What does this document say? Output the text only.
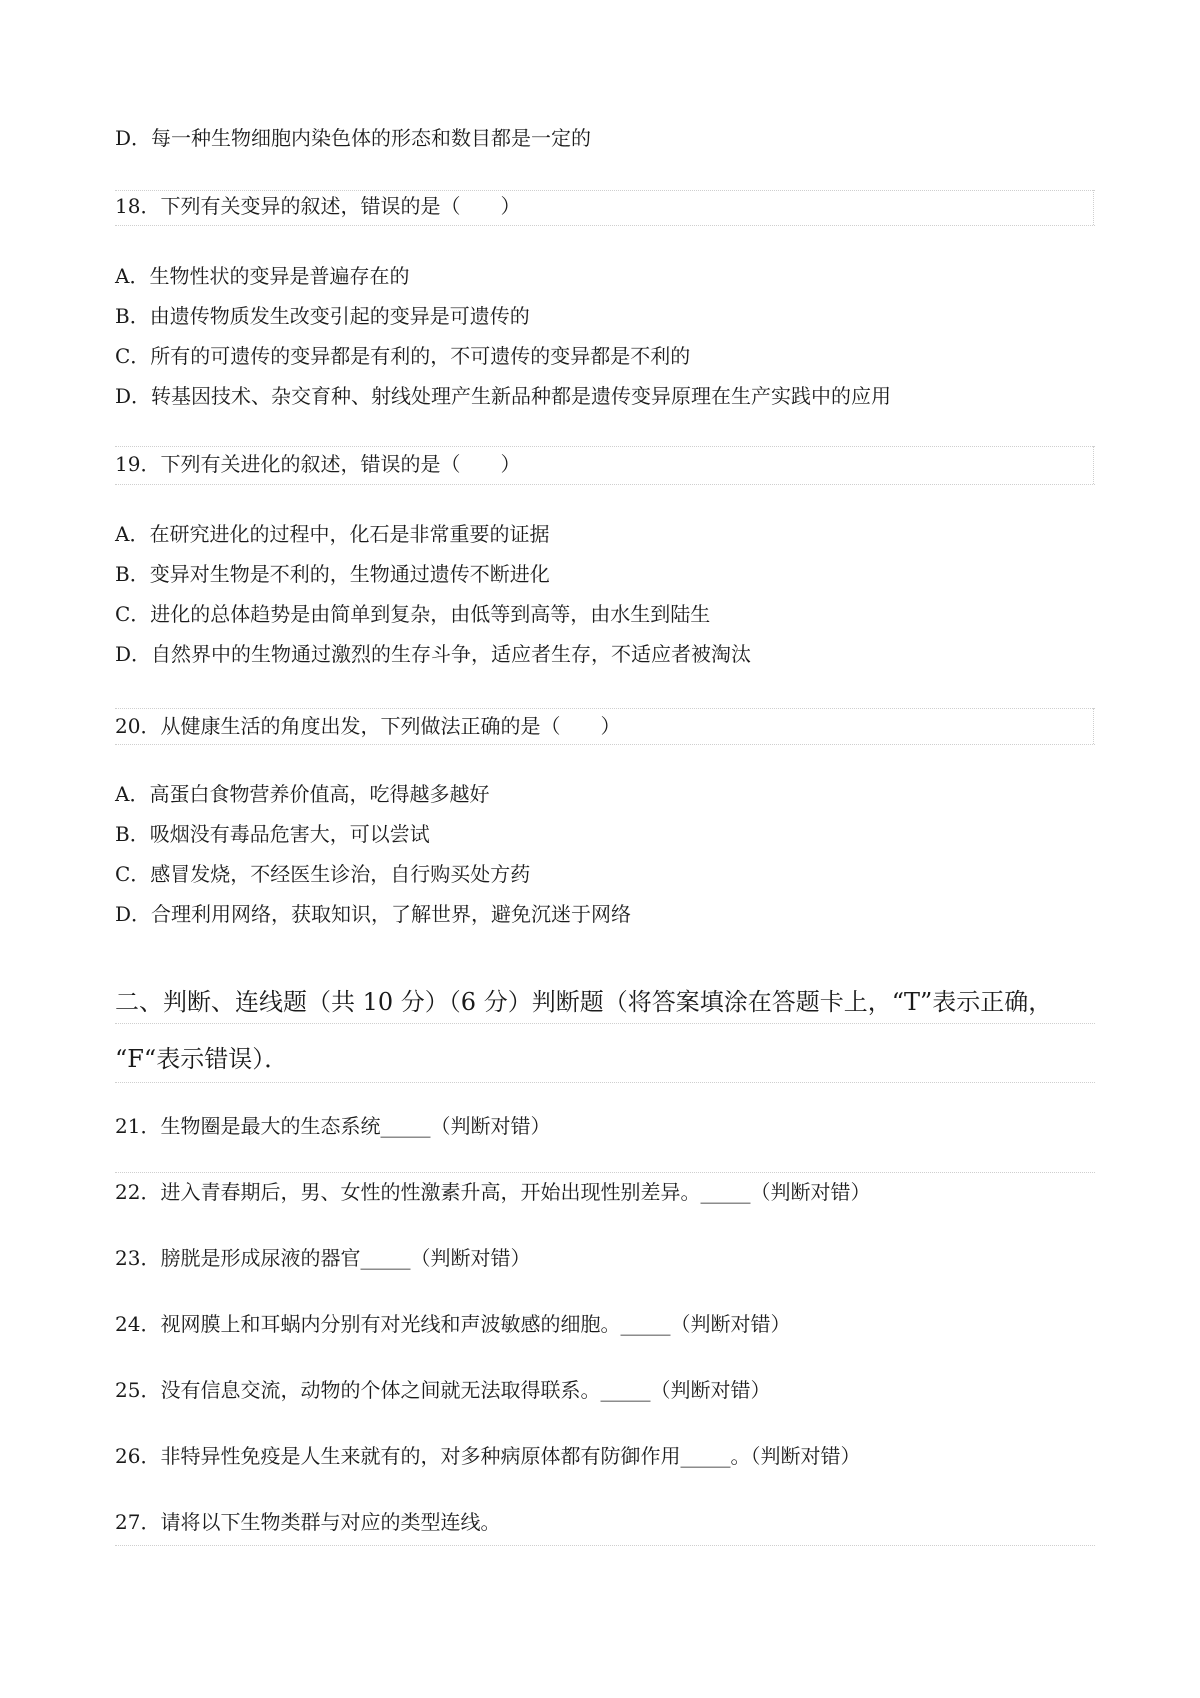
D．每一种生物细胞内染色体的形态和数目都是一定的
18．下列有关变异的叙述，错误的是（　　）
A．生物性状的变异是普遍存在的
B．由遗传物质发生改变引起的变异是可遗传的
C．所有的可遗传的变异都是有利的，不可遗传的变异都是不利的
D．转基因技术、杂交育种、射线处理产生新品种都是遗传变异原理在生产实践中的应用
19．下列有关进化的叙述，错误的是（　　）
A．在研究进化的过程中，化石是非常重要的证据
B．变异对生物是不利的，生物通过遗传不断进化
C．进化的总体趋势是由简单到复杂，由低等到高等，由水生到陆生
D．自然界中的生物通过激烈的生存斗争，适应者生存，不适应者被淘汰
20．从健康生活的角度出发，下列做法正确的是（　　）
A．高蛋白食物营养价值高，吃得越多越好
B．吸烟没有毒品危害大，可以尝试
C．感冒发烧，不经医生诊治，自行购买处方药
D．合理利用网络，获取知识，了解世界，避免沉迷于网络
二、判断、连线题（共 10 分）（6 分）判断题（将答案填涂在答题卡上，“T”表示正确，
“F“表示错误）．
21．生物圈是最大的生态系统_____（判断对错）
22．进入青春期后，男、女性的性激素升高，开始出现性别差异。_____（判断对错）
23．膀胱是形成尿液的器官_____（判断对错）
24．视网膜上和耳蜗内分别有对光线和声波敏感的细胞。_____（判断对错）
25．没有信息交流，动物的个体之间就无法取得联系。_____（判断对错）
26．非特异性免疫是人生来就有的，对多种病原体都有防御作用_____。（判断对错）
27．请将以下生物类群与对应的类型连线。
